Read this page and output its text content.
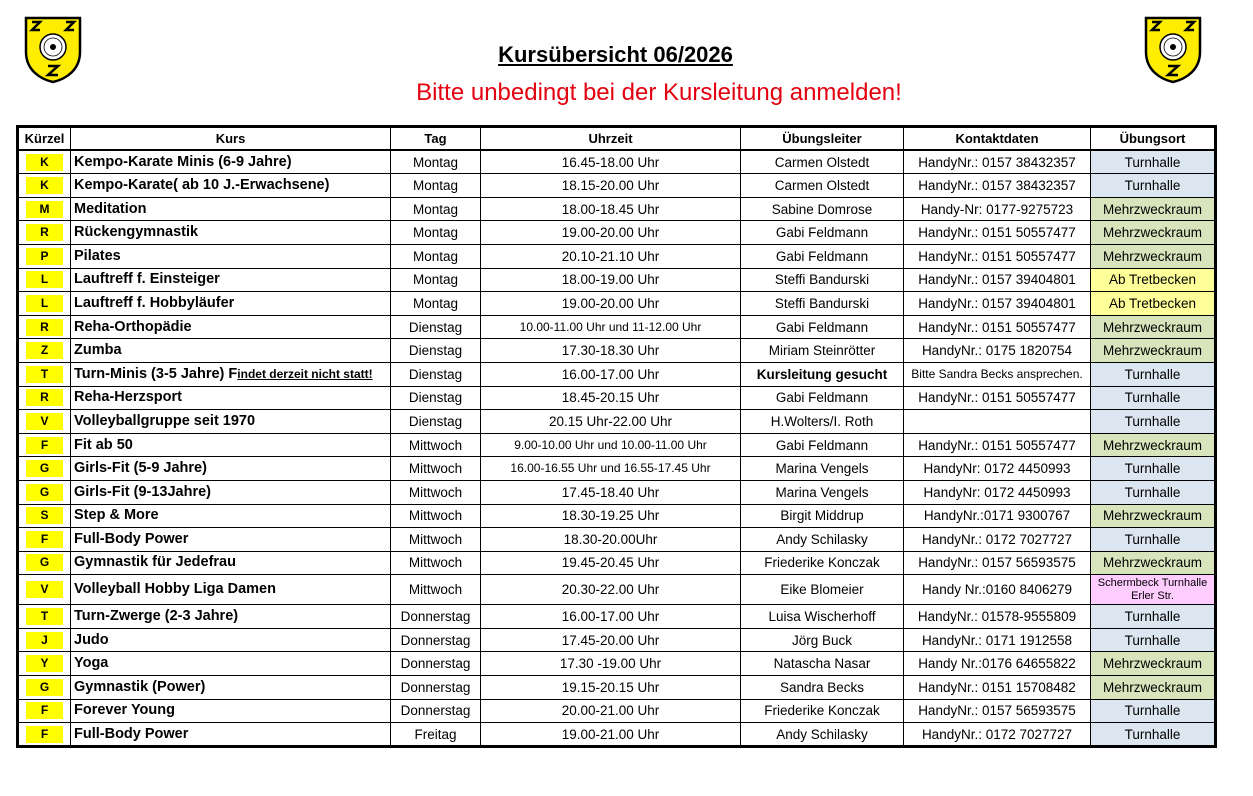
Kursübersicht 06/2026
Bitte unbedingt bei der Kursleitung anmelden!
Kürzel	Kurs	Tag	Uhrzeit	Übungsleiter	Kontaktdaten	Übungsort

K	Kempo-Karate Minis (6-9 Jahre)	Montag	16.45-18.00 Uhr	Carmen Olstedt	HandyNr.: 0157 38432357	Turnhalle

K	Kempo-Karate( ab 10 J.-Erwachsene)	Montag	18.15-20.00 Uhr	Carmen Olstedt	HandyNr.: 0157 38432357	Turnhalle

M	Meditation	Montag	18.00-18.45 Uhr	Sabine Domrose	Handy-Nr: 0177-9275723	Mehrzweckraum

R	Rückengymnastik	Montag	19.00-20.00 Uhr	Gabi Feldmann	HandyNr.: 0151 50557477	Mehrzweckraum

P	Pilates	Montag	20.10-21.10 Uhr	Gabi Feldmann	HandyNr.: 0151 50557477	Mehrzweckraum

L	Lauftreff f. Einsteiger	Montag	18.00-19.00 Uhr	Steffi Bandurski	HandyNr.: 0157 39404801	Ab Tretbecken

L	Lauftreff f. Hobbyläufer	Montag	19.00-20.00 Uhr	Steffi Bandurski	HandyNr.: 0157 39404801	Ab Tretbecken

R	Reha-Orthopädie	Dienstag	10.00-11.00 Uhr und 11-12.00 Uhr	Gabi Feldmann	HandyNr.: 0151 50557477	Mehrzweckraum

Z	Zumba	Dienstag	17.30-18.30 Uhr	Miriam Steinrötter	HandyNr.: 0175 1820754	Mehrzweckraum

T	Turn-Minis (3-5 Jahre) Findet derzeit nicht statt!	Dienstag	16.00-17.00 Uhr	Kursleitung gesucht	Bitte Sandra Becks ansprechen.	Turnhalle

R	Reha-Herzsport	Dienstag	18.45-20.15 Uhr	Gabi Feldmann	HandyNr.: 0151 50557477	Turnhalle

V	Volleyballgruppe seit 1970	Dienstag	20.15 Uhr-22.00 Uhr	H.Wolters/I. Roth		Turnhalle

F	Fit ab 50	Mittwoch	9.00-10.00 Uhr und 10.00-11.00 Uhr	Gabi Feldmann	HandyNr.: 0151 50557477	Mehrzweckraum

G	Girls-Fit (5-9 Jahre)	Mittwoch	16.00-16.55 Uhr und 16.55-17.45 Uhr	Marina Vengels	HandyNr: 0172 4450993	Turnhalle

G	Girls-Fit (9-13Jahre)	Mittwoch	17.45-18.40 Uhr	Marina Vengels	HandyNr: 0172 4450993	Turnhalle

S	Step & More	Mittwoch	18.30-19.25 Uhr	Birgit Middrup	HandyNr.:0171 9300767	Mehrzweckraum

F	Full-Body Power	Mittwoch	18.30-20.00Uhr	Andy Schilasky	HandyNr.: 0172 7027727	Turnhalle

G	Gymnastik für Jedefrau	Mittwoch	19.45-20.45 Uhr	Friederike Konczak	HandyNr.: 0157 56593575	Mehrzweckraum

V	Volleyball Hobby Liga Damen	Mittwoch	20.30-22.00 Uhr	Eike Blomeier	Handy Nr.:0160 8406279	Schermbeck Turnhalle Erler Str.

T	Turn-Zwerge (2-3 Jahre)	Donnerstag	16.00-17.00 Uhr	Luisa Wischerhoff	HandyNr.: 01578-9555809	Turnhalle

J	Judo	Donnerstag	17.45-20.00 Uhr	Jörg Buck	HandyNr.: 0171 1912558	Turnhalle

Y	Yoga	Donnerstag	17.30 -19.00 Uhr	Natascha Nasar	Handy Nr.:0176 64655822	Mehrzweckraum

G	Gymnastik (Power)	Donnerstag	19.15-20.15 Uhr	Sandra Becks	HandyNr.: 0151 15708482	Mehrzweckraum

F	Forever Young	Donnerstag	20.00-21.00 Uhr	Friederike Konczak	HandyNr.: 0157 56593575	Turnhalle

F	Full-Body Power	Freitag	19.00-21.00 Uhr	Andy Schilasky	HandyNr.: 0172 7027727	Turnhalle
